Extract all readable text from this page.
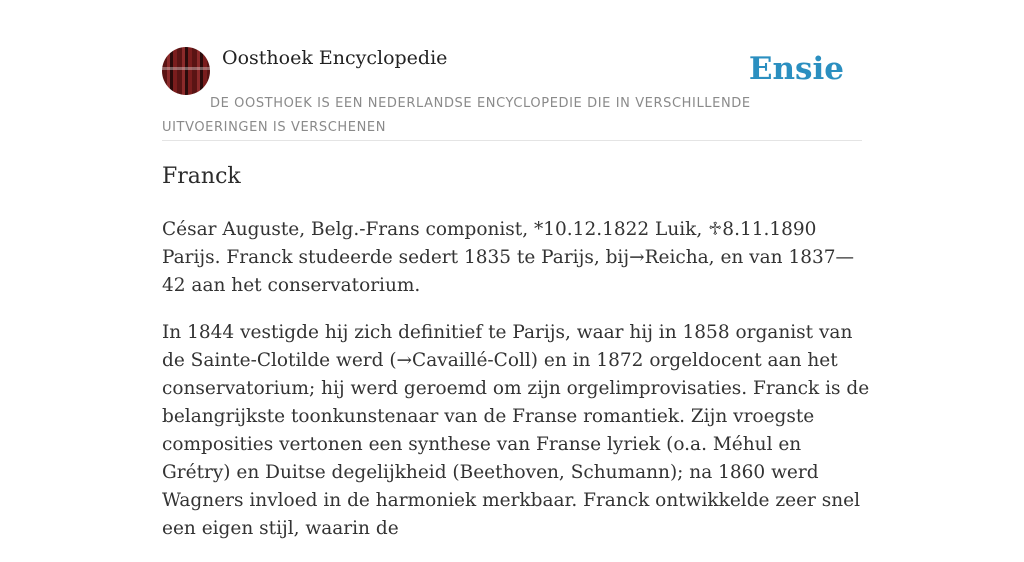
Oosthoek Encyclopedie	Ensie
DE OOSTHOEK IS EEN NEDERLANDSE ENCYCLOPEDIE DIE IN VERSCHILLENDE UITVOERINGEN IS VERSCHENEN
Franck

César Auguste, Belg.-Frans componist, *10.12.1822 Luik, ♱8.11.1890 Parijs. Franck studeerde sedert 1835 te Parijs, bij→Reicha, en van 1837—42 aan het conservatorium.

In 1844 vestigde hij zich definitief te Parijs, waar hij in 1858 organist van de Sainte-Clotilde werd (→Cavaillé-Coll) en in 1872 orgeldocent aan het conservatorium; hij werd geroemd om zijn orgelimprovisaties. Franck is de belangrijkste toonkunstenaar van de Franse romantiek. Zijn vroegste composities vertonen een synthese van Franse lyriek (o.a. Méhul en Grétry) en Duitse degelijkheid (Beethoven, Schumann); na 1860 werd Wagners invloed in de harmoniek merkbaar. Franck ontwikkelde zeer snel een eigen stijl, waarin de
